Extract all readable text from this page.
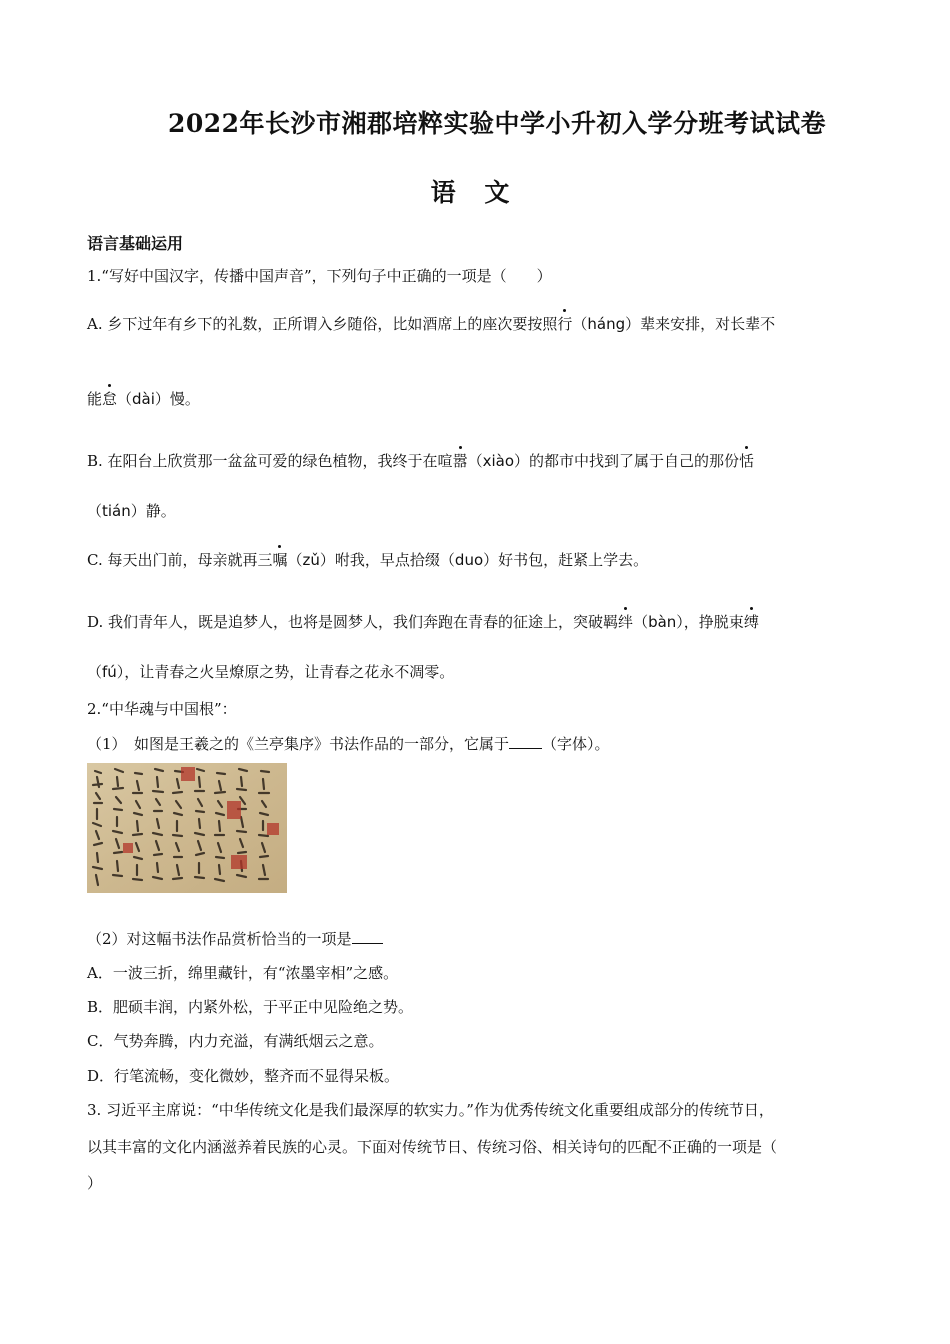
2022年长沙市湘郡培粹实验中学小升初入学分班考试试卷
语 文
语言基础运用
1.“写好中国汉字，传播中国声音”，下列句子中正确的一项是（　　）
A. 乡下过年有乡下的礼数，正所谓入乡随俗，比如酒席上的座次要按照行（háng）辈来安排，对长辈不
能怠（dài）慢。
B. 在阳台上欣赏那一盆盆可爱的绿色植物，我终于在喧嚣（xiào）的都市中找到了属于自己的那份恬
（tián）静。
C. 每天出门前，母亲就再三嘱（zǔ）咐我，早点拾缀（duo）好书包，赶紧上学去。
D. 我们青年人，既是追梦人，也将是圆梦人，我们奔跑在青春的征途上，突破羁绊（bàn），挣脱束缚
（fú），让青春之火呈燎原之势，让青春之花永不凋零。
2.“中华魂与中国根”：
（1）　如图是王羲之的《兰亭集序》书法作品的一部分，它属于 （字体）。
（2）对这幅书法作品赏析恰当的一项是
A．一波三折，绵里藏针，有“浓墨宰相”之感。
B．肥硕丰润，内紧外松，于平正中见险绝之势。
C．气势奔腾，内力充溢，有满纸烟云之意。
D．行笔流畅，变化微妙，整齐而不显得呆板。
3. 习近平主席说：“中华传统文化是我们最深厚的软实力。”作为优秀传统文化重要组成部分的传统节日，
以其丰富的文化内涵滋养着民族的心灵。下面对传统节日、传统习俗、相关诗句的匹配不正确的一项是（
）
